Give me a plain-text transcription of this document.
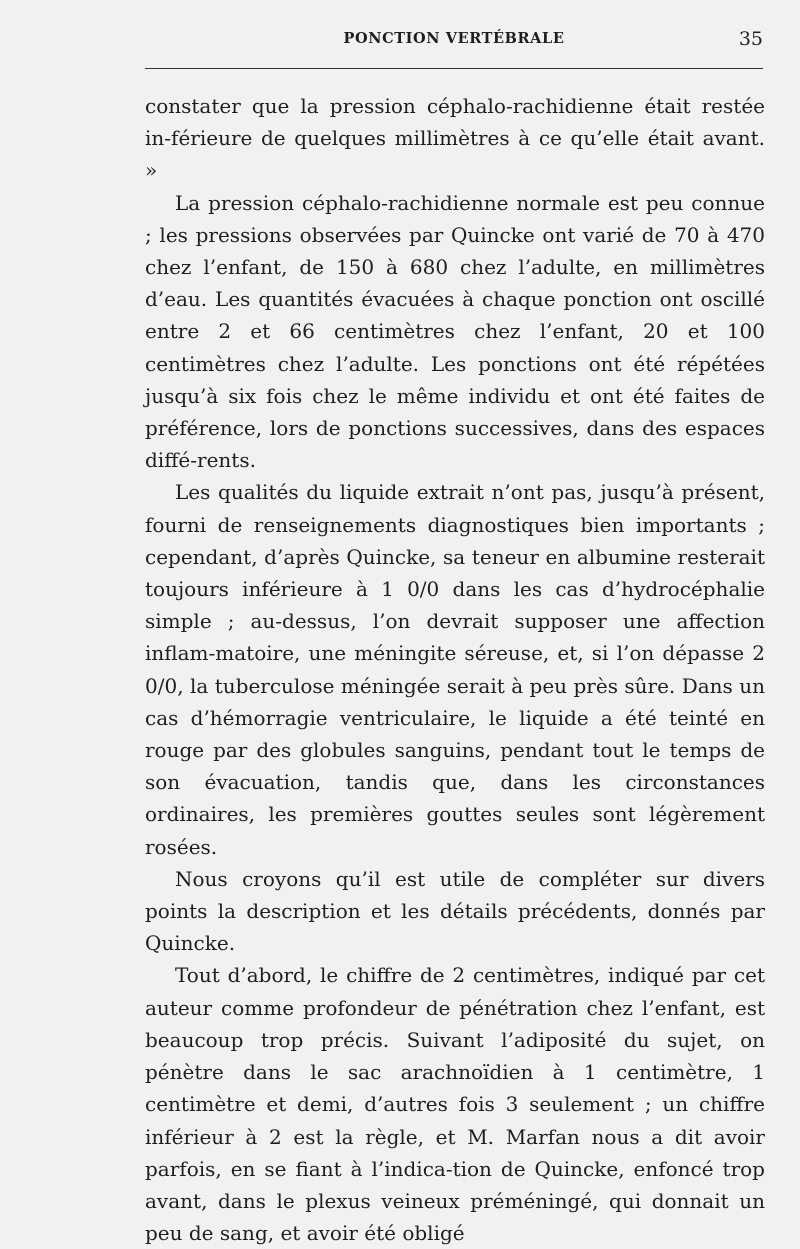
PONCTION VERTÉBRALE	35

constater que la pression céphalo-rachidienne était restée in-férieure de quelques millimètres à ce qu’elle était avant. »

La pression céphalo-rachidienne normale est peu connue ; les pressions observées par Quincke ont varié de 70 à 470 chez l’enfant, de 150 à 680 chez l’adulte, en millimètres d’eau. Les quantités évacuées à chaque ponction ont oscillé entre 2 et 66 centimètres chez l’enfant, 20 et 100 centimètres chez l’adulte. Les ponctions ont été répétées jusqu’à six fois chez le même individu et ont été faites de préférence, lors de ponctions successives, dans des espaces diffé-rents.

Les qualités du liquide extrait n’ont pas, jusqu’à présent, fourni de renseignements diagnostiques bien importants ; cependant, d’après Quincke, sa teneur en albumine resterait toujours inférieure à 1 0/0 dans les cas d’hydrocéphalie simple ; au-dessus, l’on devrait supposer une affection inflam-matoire, une méningite séreuse, et, si l’on dépasse 2 0/0, la tuberculose méningée serait à peu près sûre. Dans un cas d’hémorragie ventriculaire, le liquide a été teinté en rouge par des globules sanguins, pendant tout le temps de son évacuation, tandis que, dans les circonstances ordinaires, les premières gouttes seules sont légèrement rosées.

Nous croyons qu’il est utile de compléter sur divers points la description et les détails précédents, donnés par Quincke.

Tout d’abord, le chiffre de 2 centimètres, indiqué par cet auteur comme profondeur de pénétration chez l’enfant, est beaucoup trop précis. Suivant l’adiposité du sujet, on pénètre dans le sac arachnoïdien à 1 centimètre, 1 centimètre et demi, d’autres fois 3 seulement ; un chiffre inférieur à 2 est la règle, et M. Marfan nous a dit avoir parfois, en se fiant à l’indica-tion de Quincke, enfoncé trop avant, dans le plexus veineux préméningé, qui donnait un peu de sang, et avoir été obligé
